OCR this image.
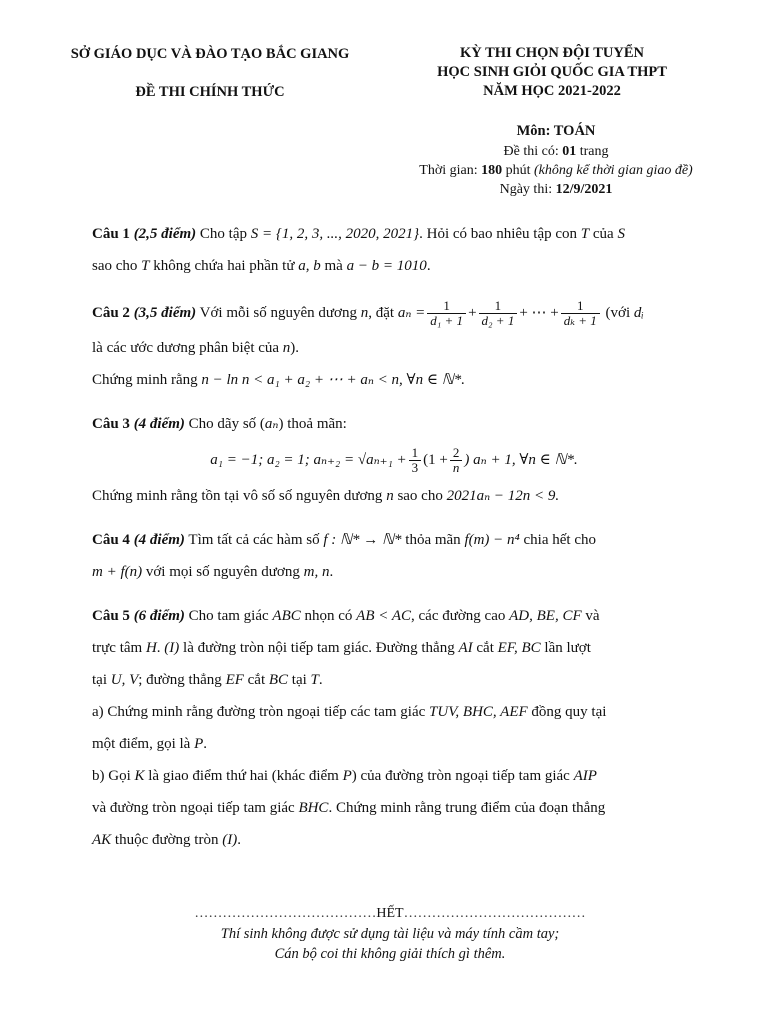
SỞ GIÁO DỤC VÀ ĐÀO TẠO BẮC GIANG
ĐỀ THI CHÍNH THỨC
KỲ THI CHỌN ĐỘI TUYỂN
HỌC SINH GIỎI QUỐC GIA THPT
NĂM HỌC 2021-2022
Môn: TOÁN
Đề thi có: 01 trang
Thời gian: 180 phút (không kể thời gian giao đề)
Ngày thi: 12/9/2021

Câu 1 (2,5 điểm) Cho tập S = {1, 2, 3, ..., 2020, 2021}. Hỏi có bao nhiêu tập con T của S

sao cho T không chứa hai phần tử a, b mà a − b = 1010.

Câu 2 (3,5 điểm) Với mỗi số nguyên dương n, đặt $a_n = \frac{1}{\text{d₁ + 1}} + \frac{1}{\text{d₂ + 1}}$ + ⋯ + $\frac{1}{\text{dₖ + 1}}$ (với dᵢ

là các ước dương phân biệt của n).

Chứng minh rằng n − ln n < a₁ + a₂ + ⋯ + aₙ < n, ∀n ∈ ℕ*.

Câu 3 (4 điểm) Cho dãy số (aₙ) thoả mãn:

a₁ = −1; a₂ = 1; $a_{n+2} = √a_{n+1} + \frac{1}{3} (1 + \frac{2}{n}$ ) aₙ + 1, ∀n ∈ ℕ*.

Chứng minh rằng tồn tại vô số số nguyên dương n sao cho 2021aₙ − 12n < 9.

Câu 4 (4 điểm) Tìm tất cả các hàm số f : ℕ* → ℕ* thỏa mãn f(m) − n⁴ chia hết cho

m + f(n) với mọi số nguyên dương m, n.

Câu 5 (6 điểm) Cho tam giác ABC nhọn có AB < AC, các đường cao AD, BE, CF và

trực tâm H. (I) là đường tròn nội tiếp tam giác. Đường thẳng AI cắt EF, BC lần lượt

tại U, V; đường thẳng EF cắt BC tại T.

a) Chứng minh rằng đường tròn ngoại tiếp các tam giác TUV, BHC, AEF đồng quy tại

một điểm, gọi là P.

b) Gọi K là giao điểm thứ hai (khác điểm P) của đường tròn ngoại tiếp tam giác AIP

và đường tròn ngoại tiếp tam giác BHC. Chứng minh rằng trung điểm của đoạn thẳng

AK thuộc đường tròn (I).

…………………………………HẾT…………………………………
Thí sinh không được sử dụng tài liệu và máy tính cầm tay;
Cán bộ coi thi không giải thích gì thêm.
